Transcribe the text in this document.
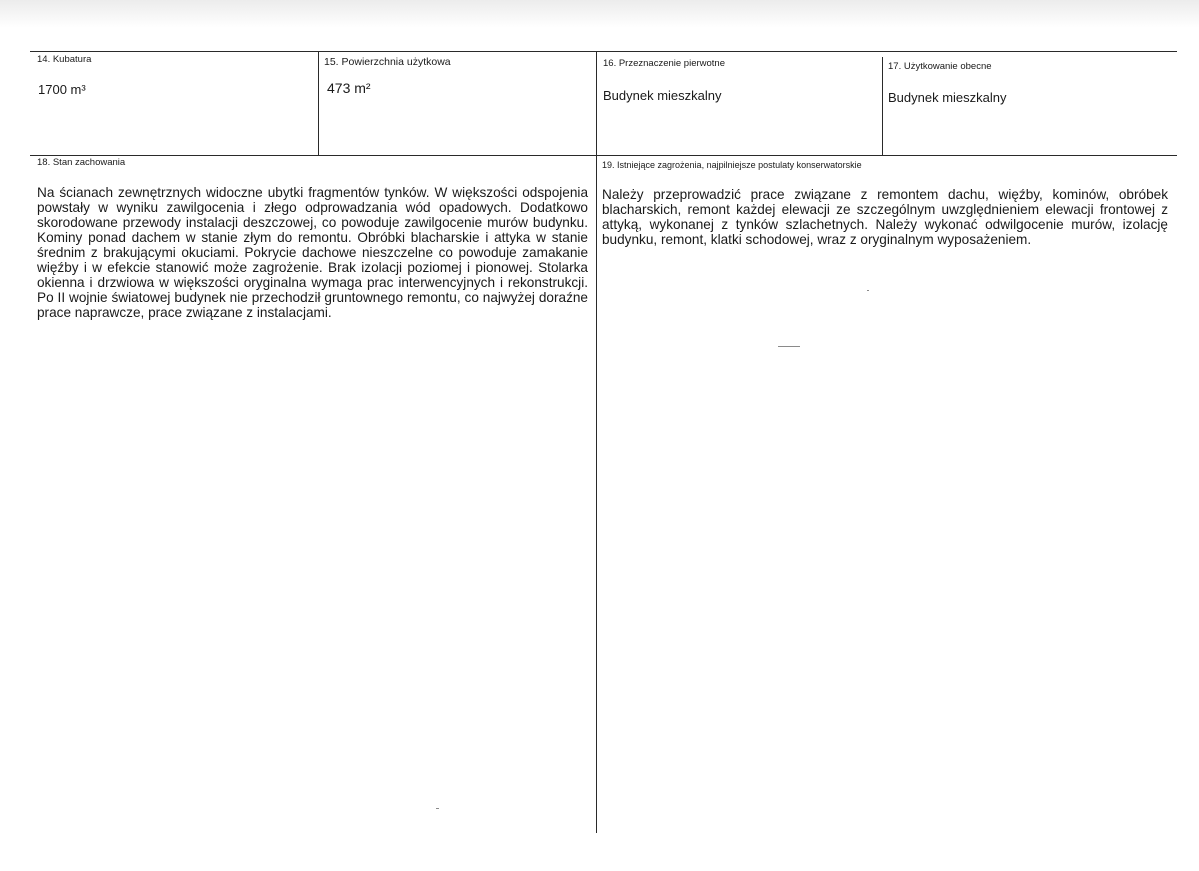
14. Kubatura
1700 m³
15. Powierzchnia użytkowa
473 m²
16. Przeznaczenie pierwotne
Budynek mieszkalny
17. Użytkowanie obecne
Budynek mieszkalny
18. Stan zachowania
Na ścianach zewnętrznych widoczne ubytki fragmentów tynków. W większości odspojenia powstały w wyniku zawilgocenia i złego odprowadzania wód opadowych. Dodatkowo skorodowane przewody instalacji deszczowej, co powoduje zawilgocenie murów budynku. Kominy ponad dachem w stanie złym do remontu. Obróbki blacharskie i attyka w stanie średnim z brakującymi okuciami. Pokrycie dachowe nieszczelne co powoduje zamakanie więźby i w efekcie stanowić może zagrożenie. Brak izolacji poziomej i pionowej. Stolarka okienna i drzwiowa w większości oryginalna wymaga prac interwencyjnych i rekonstrukcji. Po II wojnie światowej budynek nie przechodził gruntownego remontu, co najwyżej doraźne prace naprawcze, prace związane z instalacjami.
19. Istniejące zagrożenia, najpilniejsze postulaty konserwatorskie
Należy przeprowadzić prace związane z remontem dachu, więźby, kominów, obróbek blacharskich, remont każdej elewacji ze szczególnym uwzględnieniem elewacji frontowej z attyką, wykonanej z tynków szlachetnych. Należy wykonać odwilgocenie murów, izolację budynku, remont, klatki schodowej, wraz z oryginalnym wyposażeniem.
